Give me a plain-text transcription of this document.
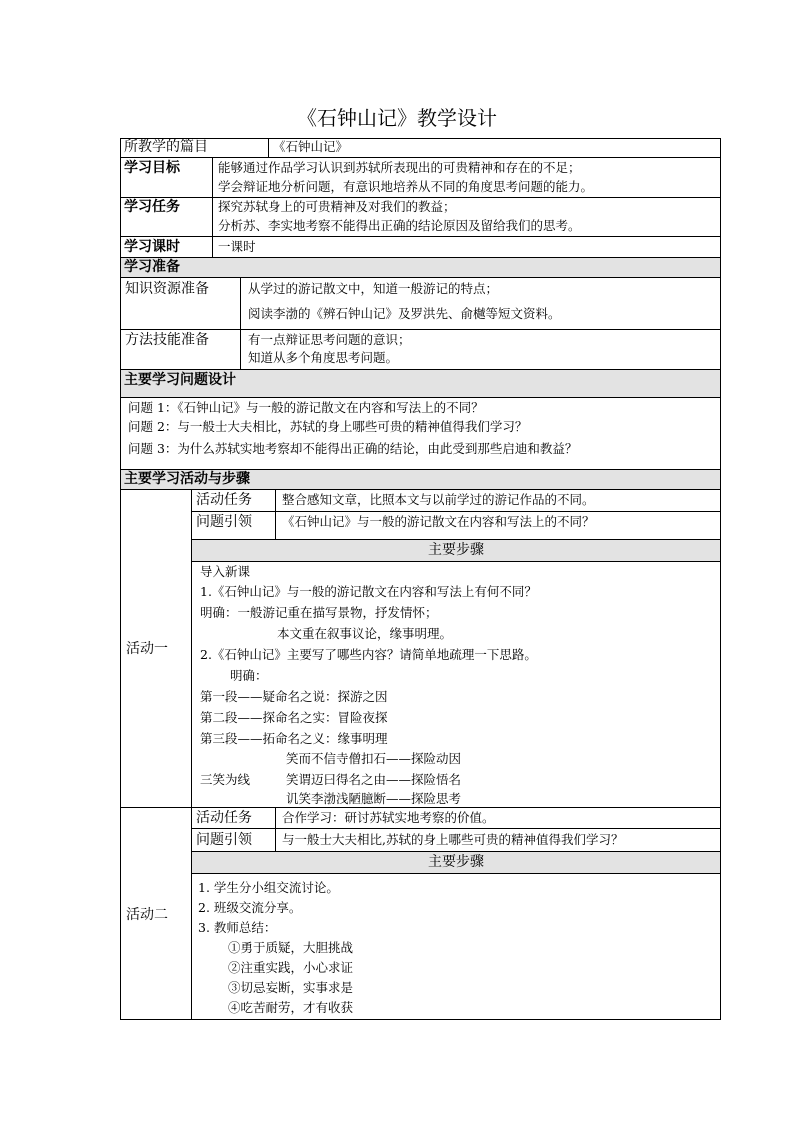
《石钟山记》教学设计
所教学的篇目	《石钟山记》
学习目标	能够通过作品学习认识到苏轼所表现出的可贵精神和存在的不足；
学会辩证地分析问题，有意识地培养从不同的角度思考问题的能力。
学习任务	探究苏轼身上的可贵精神及对我们的教益；
分析苏、李实地考察不能得出正确的结论原因及留给我们的思考。
学习课时	一课时
学习准备
知识资源准备	从学过的游记散文中，知道一般游记的特点；
阅读李渤的《辨石钟山记》及罗洪先、俞樾等短文资料。
方法技能准备	有一点辩证思考问题的意识；
知道从多个角度思考问题。
主要学习问题设计
问题 1：《石钟山记》与一般的游记散文在内容和写法上的不同？
问题 2：与一般士大夫相比，苏轼的身上哪些可贵的精神值得我们学习？
问题 3：为什么苏轼实地考察却不能得出正确的结论，由此受到那些启迪和教益？
主要学习活动与步骤
活动一
活动任务 整合感知文章，比照本文与以前学过的游记作品的不同。
问题引领 《石钟山记》与一般的游记散文在内容和写法上的不同？
主要步骤
导入新课
1.《石钟山记》与一般的游记散文在内容和写法上有何不同？
明确：一般游记重在描写景物，抒发情怀；
本文重在叙事议论，缘事明理。
2.《石钟山记》主要写了哪些内容？请简单地疏理一下思路。
明确：
第一段——疑命名之说：探游之因
第二段——探命名之实：冒险夜探
第三段——拓命名之义：缘事明理
笑而不信寺僧扣石——探险动因
三笑为线	笑谓迈曰得名之由——探险悟名
讥笑李渤浅陋臆断——探险思考
活动二
活动任务 合作学习：研讨苏轼实地考察的价值。
问题引领 与一般士大夫相比,苏轼的身上哪些可贵的精神值得我们学习？
主要步骤
1. 学生分小组交流讨论。
2. 班级交流分享。
3. 教师总结：
①勇于质疑，大胆挑战
②注重实践，小心求证
③切忌妄断，实事求是
④吃苦耐劳，才有收获
